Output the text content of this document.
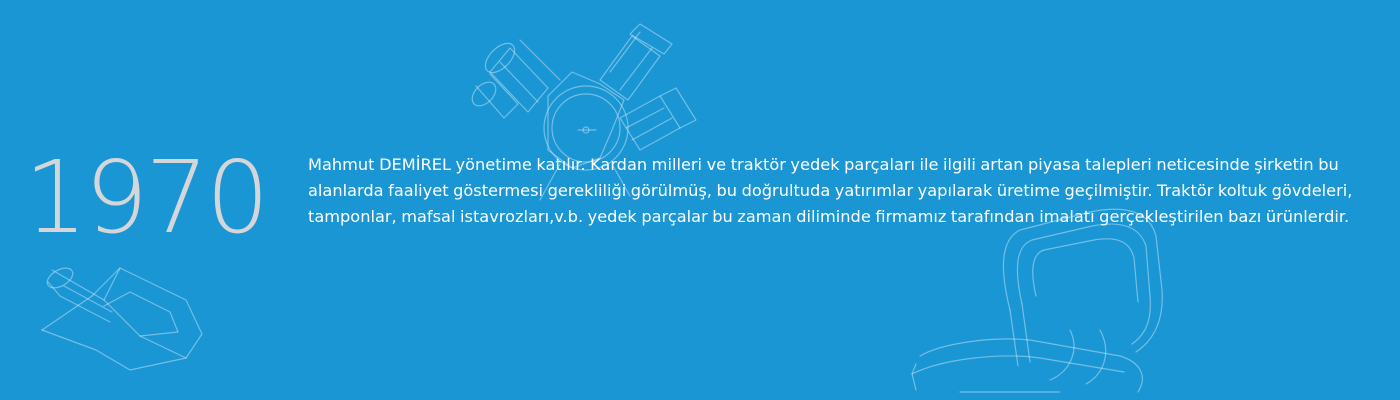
1970	Mahmut DEMİREL yönetime katılır. Kardan milleri ve traktör yedek parçaları ile ilgili artan piyasa talepleri neticesinde şirketin bu alanlarda faaliyet göstermesi gerekliliği görülmüş, bu doğrultuda yatırımlar yapılarak üretime geçilmiştir. Traktör koltuk gövdeleri, tamponlar, mafsal istavrozları,v.b. yedek parçalar bu zaman diliminde firmamız tarafından imalatı gerçekleştirilen bazı ürünlerdir.
